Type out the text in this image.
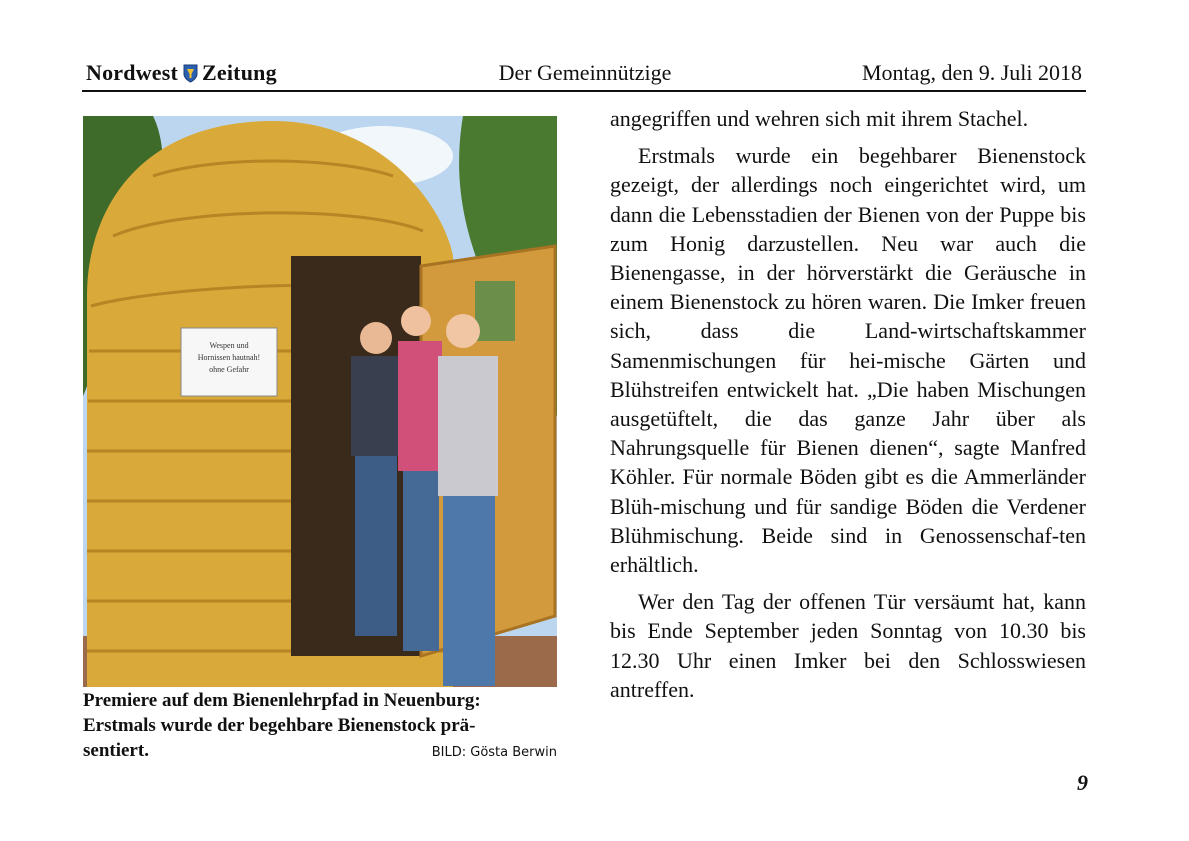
Nordwest Zeitung	Der Gemeinnützige	Montag, den 9. Juli 2018
Wespen und
Hornissen hautnah!
ohne Gefahr
Premiere auf dem Bienenlehrpfad in Neuenburg:
Erstmals wurde der begehbare Bienenstock prä-
sentiert.	BILD: Gösta Berwin

angegriffen und wehren sich mit ihrem Stachel.

Erstmals wurde ein begehbarer Bienenstock gezeigt, der allerdings noch eingerichtet wird, um dann die Lebensstadien der Bienen von der Puppe bis zum Honig darzustellen. Neu war auch die Bienengasse, in der hörverstärkt die Geräusche in einem Bienenstock zu hören waren. Die Imker freuen sich, dass die Land-wirtschaftskammer Samenmischungen für hei-mische Gärten und Blühstreifen entwickelt hat. „Die haben Mischungen ausgetüftelt, die das ganze Jahr über als Nahrungsquelle für Bienen dienen“, sagte Manfred Köhler. Für normale Böden gibt es die Ammerländer Blüh-mischung und für sandige Böden die Verdener Blühmischung. Beide sind in Genossenschaf-ten erhältlich.

Wer den Tag der offenen Tür versäumt hat, kann bis Ende September jeden Sonntag von 10.30 bis 12.30 Uhr einen Imker bei den Schlosswiesen antreffen.

9
